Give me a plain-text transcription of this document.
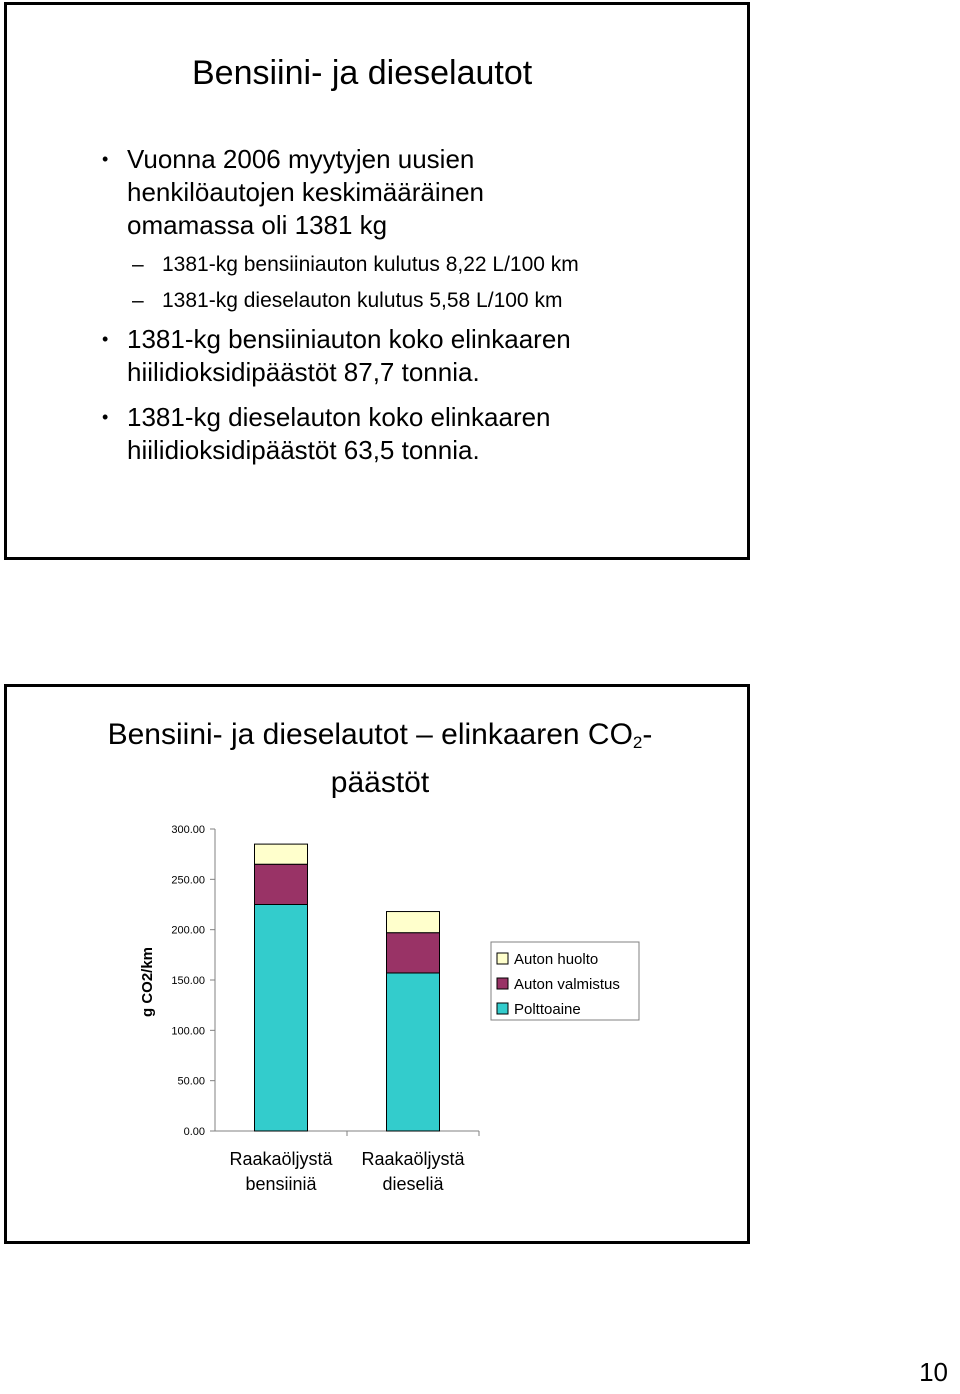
Bensiini- ja dieselautot
• Vuonna 2006 myytyjen uusien
henkilöautojen keskimääräinen
omamassa oli 1381 kg
– 1381-kg bensiiniauton kulutus 8,22 L/100 km
– 1381-kg dieselauton kulutus 5,58 L/100 km
• 1381-kg bensiiniauton koko elinkaaren
hiilidioksidipäästöt 87,7 tonnia.
• 1381-kg dieselauton koko elinkaaren
hiilidioksidipäästöt 63,5 tonnia.
Bensiini- ja dieselautot – elinkaaren $CO_2-$
päästöt
300.00
250.00
200.00
150.00
100.00
50.00
0.00
g CO2/km
Raakaöljystä
bensiiniä
Raakaöljystä
dieseliä
Auton huolto
Auton valmistus
Polttoaine
10
